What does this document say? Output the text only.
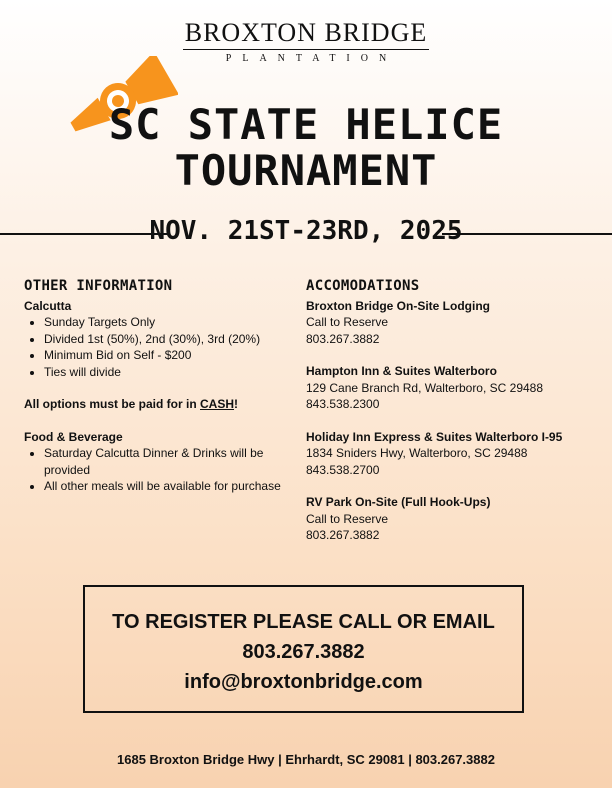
BROXTON BRIDGE
PLANTATION
SC STATE HELICE
TOURNAMENT
NOV. 21ST-23RD, 2025
OTHER INFORMATION
Calcutta
• Sunday Targets Only
• Divided 1st (50%), 2nd (30%), 3rd (20%)
• Minimum Bid on Self - $200
• Ties will divide
All options must be paid for in CASH!
Food & Beverage
• Saturday Calcutta Dinner & Drinks will be provided
• All other meals will be available for purchase
ACCOMODATIONS
Broxton Bridge On-Site Lodging
Call to Reserve
803.267.3882
Hampton Inn & Suites Walterboro
129 Cane Branch Rd, Walterboro, SC 29488
843.538.2300
Holiday Inn Express & Suites Walterboro I-95
1834 Sniders Hwy, Walterboro, SC 29488
843.538.2700
RV Park On-Site (Full Hook-Ups)
Call to Reserve
803.267.3882
TO REGISTER PLEASE CALL OR EMAIL
803.267.3882
info@broxtonbridge.com
1685 Broxton Bridge Hwy | Ehrhardt, SC 29081 | 803.267.3882
